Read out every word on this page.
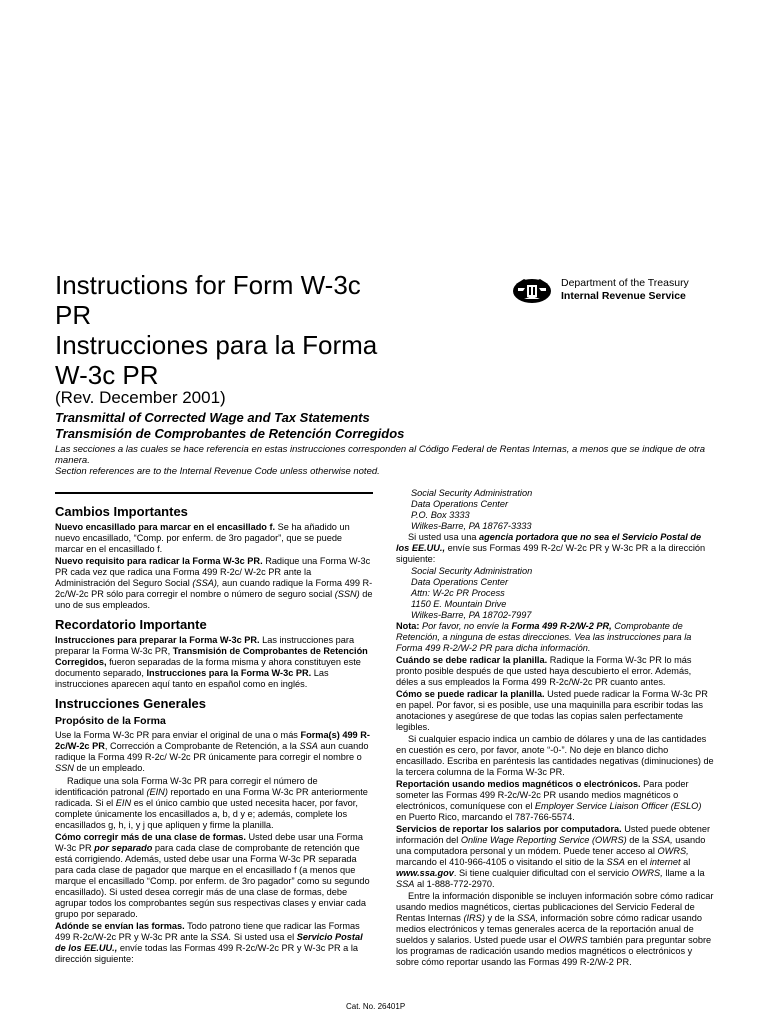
Instructions for Form W-3c
PR
Instrucciones para la Forma
W-3c PR
Department of the Treasury
Internal Revenue Service
(Rev. December 2001)
Transmittal of Corrected Wage and Tax Statements
Transmisión de Comprobantes de Retención Corregidos
Las secciones a las cuales se hace referencia en estas instrucciones corresponden al Código Federal de Rentas Internas, a menos que se indique de otra manera.
Section references are to the Internal Revenue Code unless otherwise noted.
Cambios Importantes

Nuevo encasillado para marcar en el encasillado f. Se ha añadido un nuevo encasillado, “Comp. por enferm. de 3ro pagador”, que se puede marcar en el encasillado f.

Nuevo requisito para radicar la Forma W-3c PR. Radique una Forma W-3c PR cada vez que radica una Forma 499 R-2c/ W-2c PR ante la Administración del Seguro Social (SSA), aun cuando radique la Forma 499 R-2c/W-2c PR sólo para corregir el nombre o número de seguro social (SSN) de uno de sus empleados.

Recordatorio Importante

Instrucciones para preparar la Forma W-3c PR. Las instrucciones para preparar la Forma W-3c PR, Transmisión de Comprobantes de Retención Corregidos, fueron separadas de la forma misma y ahora constituyen este documento separado, Instrucciones para la Forma W-3c PR. Las instrucciones aparecen aquí tanto en español como en inglés.

Instrucciones Generales
Propósito de la Forma

Use la Forma W-3c PR para enviar el original de una o más Forma(s) 499 R-2c/W-2c PR, Corrección a Comprobante de Retención, a la SSA aun cuando radique la Forma 499 R-2c/ W-2c PR únicamente para corregir el nombre o SSN de un empleado.

Radique una sola Forma W-3c PR para corregir el número de identificación patronal (EIN) reportado en una Forma W-3c PR anteriormente radicada. Si el EIN es el único cambio que usted necesita hacer, por favor, complete únicamente los encasillados a, b, d y e; además, complete los encasillados g, h, i, y j que apliquen y firme la planilla.

Cómo corregir más de una clase de formas. Usted debe usar una Forma W-3c PR por separado para cada clase de comprobante de retención que está corrigiendo. Además, usted debe usar una Forma W-3c PR separada para cada clase de pagador que marque en el encasillado f (a menos que marque el encasillado “Comp. por enferm. de 3ro pagador” como su segundo encasillado). Si usted desea corregir más de una clase de formas, debe agrupar todos los comprobantes según sus respectivas clases y enviar cada grupo por separado.

Adónde se envían las formas. Todo patrono tiene que radicar las Formas 499 R-2c/W-2c PR y W-3c PR ante la SSA. Si usted usa el Servicio Postal de los EE.UU., envíe todas las Formas 499 R-2c/W-2c PR y W-3c PR a la dirección siguiente:

Social Security Administration
Data Operations Center
P.O. Box 3333
Wilkes-Barre, PA 18767-3333

Si usted usa una agencia portadora que no sea el Servicio Postal de los EE.UU., envíe sus Formas 499 R-2c/ W-2c PR y W-3c PR a la dirección siguiente:

Social Security Administration
Data Operations Center
Attn: W-2c PR Process
1150 E. Mountain Drive
Wilkes-Barre, PA 18702-7997

Nota: Por favor, no envíe la Forma 499 R-2/W-2 PR, Comprobante de Retención, a ninguna de estas direcciones. Vea las instrucciones para la Forma 499 R-2/W-2 PR para dicha información.

Cuándo se debe radicar la planilla. Radique la Forma W-3c PR lo más pronto posible después de que usted haya descubierto el error. Además, déles a sus empleados la Forma 499 R-2c/W-2c PR cuanto antes.

Cómo se puede radicar la planilla. Usted puede radicar la Forma W-3c PR en papel. Por favor, si es posible, use una maquinilla para escribir todas las anotaciones y asegúrese de que todas las copias salen perfectamente legibles.

Si cualquier espacio indica un cambio de dólares y una de las cantidades en cuestión es cero, por favor, anote “-0-”. No deje en blanco dicho encasillado. Escriba en paréntesis las cantidades negativas (diminuciones) de la tercera columna de la Forma W-3c PR.

Reportación usando medios magnéticos o electrónicos. Para poder someter las Formas 499 R-2c/W-2c PR usando medios magnéticos o electrónicos, comuníquese con el Employer Service Liaison Officer (ESLO) en Puerto Rico, marcando el 787-766-5574.

Servicios de reportar los salarios por computadora. Usted puede obtener información del Online Wage Reporting Service (OWRS) de la SSA, usando una computadora personal y un módem. Puede tener acceso al OWRS, marcando el 410-966-4105 o visitando el sitio de la SSA en el internet al www.ssa.gov. Si tiene cualquier dificultad con el servicio OWRS, llame a la SSA al 1-888-772-2970.

Entre la información disponible se incluyen información sobre cómo radicar usando medios magnéticos, ciertas publicaciones del Servicio Federal de Rentas Internas (IRS) y de la SSA, información sobre cómo radicar usando medios electrónicos y temas generales acerca de la reportación anual de sueldos y salarios. Usted puede usar el OWRS también para preguntar sobre los programas de radicación usando medios magnéticos o electrónicos y sobre cómo reportar usando las Formas 499 R-2/W-2 PR.

Cat. No. 26401P
